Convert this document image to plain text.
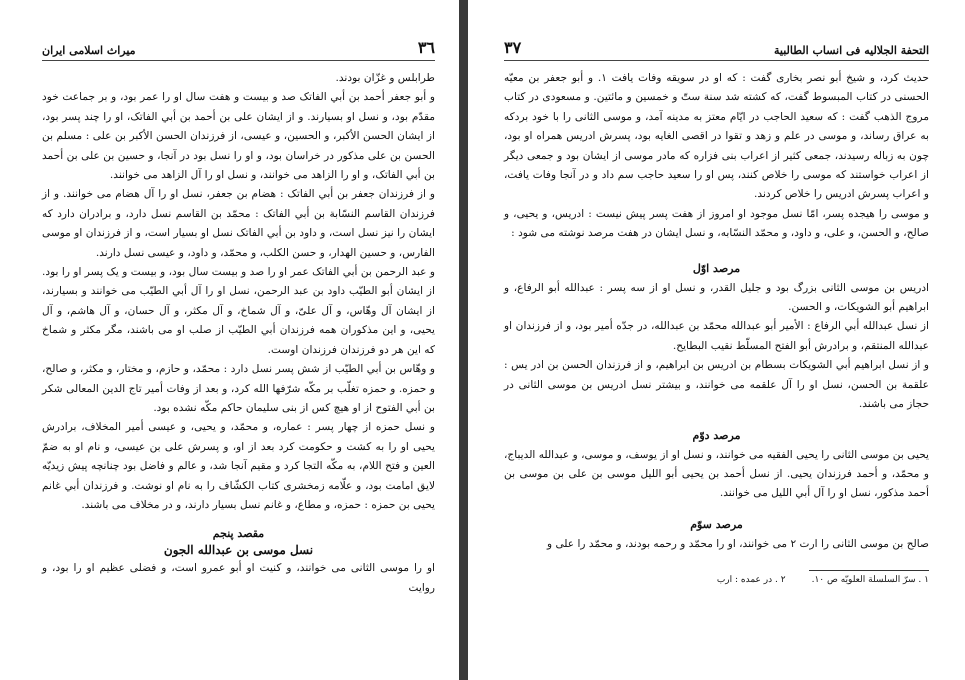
٣٦
میراث اسلامی ایران

طرابلس و غزّان بودند.

و أبو جعفر أحمد بن أبي الفاتک صد و بیست و هفت سال او را عمر بود، و بر جماعت خود مقدّم بود، و نسل او بسیارند. و از ایشان علی بن أحمد بن أبي الفاتک، او را چند پسر بود، از ایشان الحسن الأکبر، و الحسین، و عیسی، از فرزندان الحسن الأکبر بن علی : مسلم بن الحسن بن علی مذکور در خراسان بود، و او را نسل بود در آنجا، و حسین بن علی بن أحمد بن أبي الفاتک، و او را الزاهد می خوانند، و نسل او را آل الزاهد می خوانند.

و از فرزندان جعفر بن أبي الفاتک : هضام بن جعفر، نسل او را آل هضام می خوانند. و از فرزندان القاسم النسّابة بن أبي الفاتک : محمّد بن القاسم نسل دارد، و برادران دارد که ایشان را نیز نسل است، و داود بن أبي الفاتک نسل او بسیار است، و از فرزندان او موسی الفارس، و حسین الهدار، و حسن الکلب، و محمّد، و داود، و عیسی نسل دارند.

و عبد الرحمن بن أبي الفاتک عمر او را صد و بیست سال بود، و بیست و یک پسر او را بود. از ایشان أبو الطیّب داود بن عبد الرحمن، نسل او را آل أبي الطیّب می خوانند و بسیارند، از ایشان آل وهّاس، و آل علیّ، و آل شماخ، و آل مکثر، و آل حسان، و آل هاشم، و آل یحیی، و این مذکوران همه فرزندان أبي الطیّب از صلب او می باشند، مگر مکثر و شماخ که این هر دو فرزندان فرزندان اوست.

و وهّاس بن أبي الطیّب از شش پسر نسل دارد : محمّد، و حازم، و مختار، و مکثر، و صالح، و حمزه. و حمزه تغلّب بر مکّه شرّفها الله کرد، و بعد از وفات أمیر تاج الدین المعالی شکر بن أبي الفتوح از او هیچ کس از بنی سلیمان حاکم مکّه نشده بود.

و نسل حمزه از چهار پسر : عماره، و محمّد، و یحیی، و عیسی أمیر المخلاف، برادرش یحیی او را به کشت و حکومت کرد بعد از او، و پسرش علی بن عیسی، و نام او به ضمّ العین و فتح اللام، به مکّه التجا کرد و مقیم آنجا شد، و عالم و فاضل بود چنانچه پیش زیدیّه لایق امامت بود، و علّامه زمخشری کتاب الکشّاف را به نام او نوشت. و فرزندان أبي غانم یحیی بن حمزه : حمزه، و مطاع، و غانم نسل بسیار دارند، و در مخلاف می باشند.

مقصد پنجم
نسل موسی بن عبدالله الجون
او را موسی الثانی می خوانند، و کنیت او أبو عمرو است، و فضلی عظیم او را بود، و روایت
التحفة الجلالیه فی انساب الطالبیة
٣٧

حدیث کرد، و شیخ أبو نصر بخاری گفت : که او در سویقه وفات یافت ١. و أبو جعفر بن معیّه الحسنی در کتاب المبسوط گفت، که کشته شد سنة ستّ و خمسین و مائتین. و مسعودی در کتاب مروج الذهب گفت : که سعید الحاجب در ایّام معتز به مدینه آمد، و موسی الثانی را با خود بردکه به عراق رساند، و موسی در علم و زهد و تقوا در اقصی الغایه بود، پسرش ادریس همراه او بود، چون به زباله رسیدند، جمعی کثیر از اعراب بنی فزاره که مادر موسی از ایشان بود و جمعی دیگر از اعراب خواستند که موسی را خلاص کنند، پس او را سعید حاجب سم داد و در آنجا وفات یافت، و اعراب پسرش ادریس را خلاص کردند.

و موسی را هیجده پسر، امّا نسل موجود او امروز از هفت پسر پیش نیست : ادریس، و یحیی، و صالح، و الحسن، و علی، و داود، و محمّد النسّابه، و نسل ایشان در هفت مرصد نوشته می شود :

مرصد اوّل

ادریس بن موسی الثانی بزرگ بود و جلیل القدر، و نسل او از سه پسر : عبدالله أبو الرفاع، و ابراهیم أبو الشویکات، و الحسن.

از نسل عبدالله أبي الرفاع : الأمیر أبو عبدالله محمّد بن عبدالله، در جدّه أمیر بود، و از فرزندان او عبدالله المنتقم، و برادرش أبو الفتح المسلّط نقیب البطایح.

و از نسل ابراهیم أبي الشویکات بسطام بن ادریس بن ابراهیم، و از فرزندان الحسن بن ادر یس : علقمة بن الحسن، نسل او را آل علقمه می خوانند، و بیشتر نسل ادریس بن موسی الثانی در حجاز می باشند.

مرصد دوّم

یحیی بن موسی الثانی را یحیی الفقیه می خوانند، و نسل او از یوسف، و موسی، و عبدالله الدیباج، و محمّد، و أحمد فرزندان یحیی. از نسل أحمد بن یحیی أبو اللیل موسی بن علی بن موسی بن أحمد مذکور، نسل او را آل أبي اللیل می خوانند.

مرصد سوّم

صالح بن موسی الثانی را ارت ٢ می خوانند، او را محمّد و رحمه بودند، و محمّد را علی و

١ . سرّ السلسلة العلویّه ص ١٠.
٢ . در عمده : ارب
